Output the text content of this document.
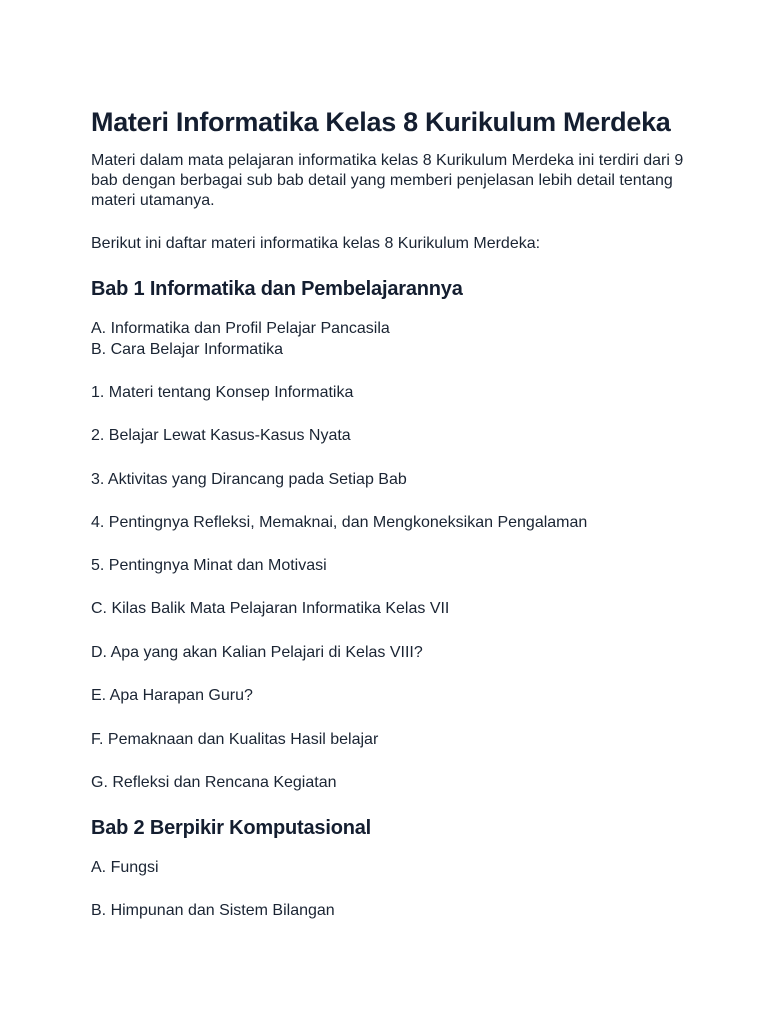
Materi Informatika Kelas 8 Kurikulum Merdeka

Materi dalam mata pelajaran informatika kelas 8 Kurikulum Merdeka ini terdiri dari 9 bab dengan berbagai sub bab detail yang memberi penjelasan lebih detail tentang materi utamanya.

Berikut ini daftar materi informatika kelas 8 Kurikulum Merdeka:

Bab 1 Informatika dan Pembelajarannya
A. Informatika dan Profil Pelajar Pancasila
B. Cara Belajar Informatika
1. Materi tentang Konsep Informatika
2. Belajar Lewat Kasus-Kasus Nyata
3. Aktivitas yang Dirancang pada Setiap Bab
4. Pentingnya Refleksi, Memaknai, dan Mengkoneksikan Pengalaman
5. Pentingnya Minat dan Motivasi
C. Kilas Balik Mata Pelajaran Informatika Kelas VII
D. Apa yang akan Kalian Pelajari di Kelas VIII?
E. Apa Harapan Guru?
F. Pemaknaan dan Kualitas Hasil belajar
G. Refleksi dan Rencana Kegiatan
Bab 2 Berpikir Komputasional
A. Fungsi
B. Himpunan dan Sistem Bilangan
